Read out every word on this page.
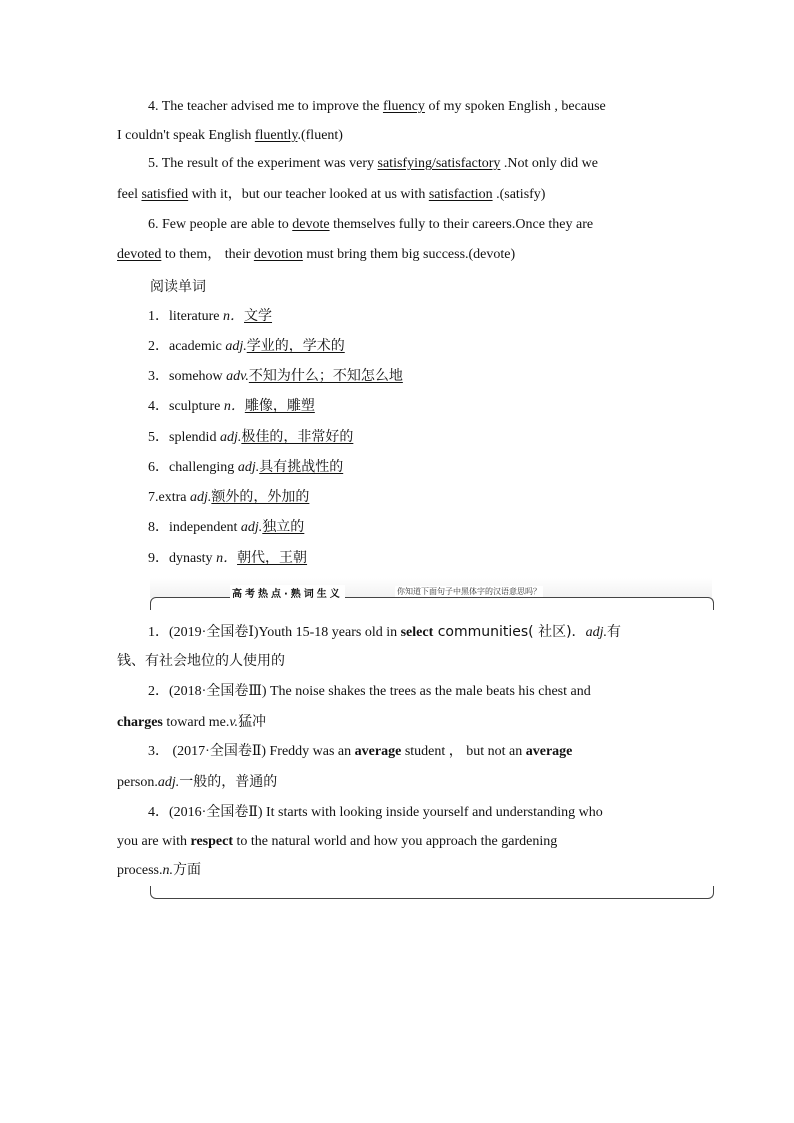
4. The teacher advised me to improve the fluency of my spoken English , because
I couldn't speak English fluently.(fluent)
5. The result of the experiment was very satisfying/satisfactory .Not only did we
feel satisfied with it，but our teacher looked at us with satisfaction .(satisfy)
6. Few people are able to devote themselves fully to their careers.Once they are
devoted to them， their devotion must bring them big success.(devote)
阅读单词
1．literature n．文学
2．academic adj.学业的，学术的
3．somehow adv.不知为什么；不知怎么地
4．sculpture n．雕像，雕塑
5．splendid adj.极佳的，非常好的
6．challenging adj.具有挑战性的
7.extra adj.额外的，外加的
8．independent adj.独立的
9．dynasty n．朝代，王朝
高考热点·熟词生义	你知道下面句子中黑体字的汉语意思吗？
1．(2019·全国卷Ⅰ)Youth 15-18 years old in select communities( 社区)．adj.有
钱、有社会地位的人使用的
2．(2018·全国卷Ⅲ) The noise shakes the trees as the male beats his chest and
charges toward me.v.猛冲
3． (2017·全国卷Ⅱ) Freddy was an average student ， but not an average
person.adj.一般的，普通的
4．(2016·全国卷Ⅱ) It starts with looking inside yourself and understanding who
you are with respect to the natural world and how you approach the gardening
process.n.方面
